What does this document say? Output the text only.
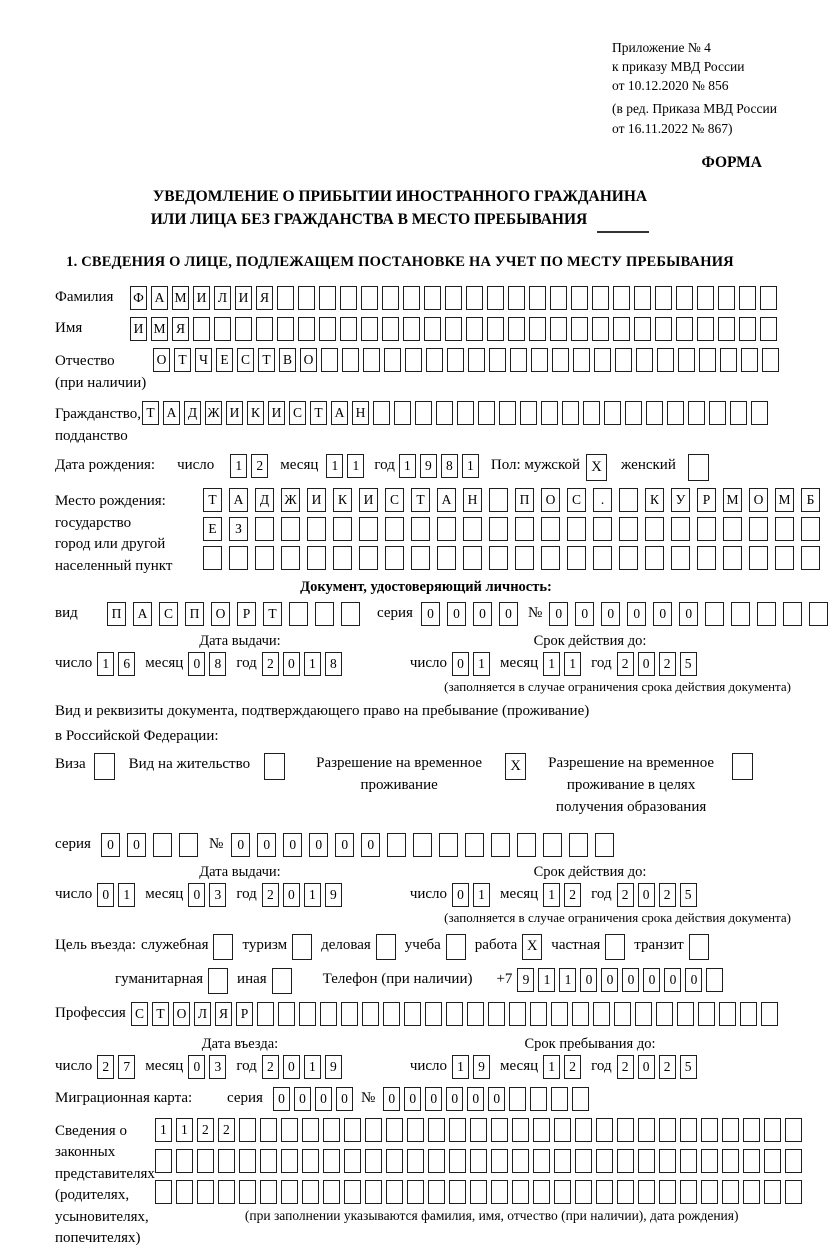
Приложение № 4
к приказу МВД России
от 10.12.2020 № 856
(в ред. Приказа МВД России
от 16.11.2022 № 867)
ФОРМА
УВЕДОМЛЕНИЕ О ПРИБЫТИИ ИНОСТРАННОГО ГРАЖДАНИНА
ИЛИ ЛИЦА БЕЗ ГРАЖДАНСТВА В МЕСТО ПРЕБЫВАНИЯ
1. СВЕДЕНИЯ О ЛИЦЕ, ПОДЛЕЖАЩЕМ ПОСТАНОВКЕ НА УЧЕТ ПО МЕСТУ ПРЕБЫВАНИЯ
Фамилия	Ф А М И Л И Я
Имя	И М Я
Отчество
(при наличии)
О Т Ч Е С Т В О
Гражданство,
подданство
Т А Д Ж И К И С Т А Н
Дата рождения: число	1	2	месяц 1	1	год 1	9	8	1	Пол: мужской X	женский
Место рождения:
государство
город или другой
населенный пункт
Т	А	Д	Ж	И	К	И	С	Т	А	Н	П	О	С	.	К	У	Р	М	О	М	Б
Е	З
Документ, удостоверяющий личность:
вид	П	А	С	П	О	Р	Т	серия	0	0	0	0	№ 0	0	0	0	0	0
Дата выдачи:	Срок действия до:
число 1	6	месяц 0	8	год 2	0	1	8	число 0	1	месяц 1	1	год 2	0	2	5
(заполняется в случае ограничения срока действия документа)
Вид и реквизиты документа, подтверждающего право на пребывание (проживание)
в Российской Федерации:
Виза	Вид на жительство	Разрешение на временное проживание
X	Разрешение на временное проживание в целях получения образования
серия	0	0	№	0	0	0	0	0	0
Дата выдачи:	Срок действия до:
число 0	1	месяц 0	3	год 2	0	1	9	число 0	1	месяц 1	2	год 2	0	2	5
(заполняется в случае ограничения срока действия документа)
Цель въезда: служебная туризм деловая учеба работа X частная транзит
гуманитарная иная	Телефон (при наличии) +7 9	1	1	0	0	0	0	0	0
Профессия С Т О Л Я Р
Дата въезда:	Срок пребывания до:
число 2	7	месяц 0	3	год 2	0	1	9	число 1	9	месяц 1	2	год 2	0	2	5
Миграционная карта:	серия	0	0	0	0 № 0	0	0	0	0	0
Сведения о
законных
представителях
(родителях,
усыновителях,
попечителях)
1	1	2	2
(при заполнении указываются фамилия, имя, отчество (при наличии), дата рождения)
